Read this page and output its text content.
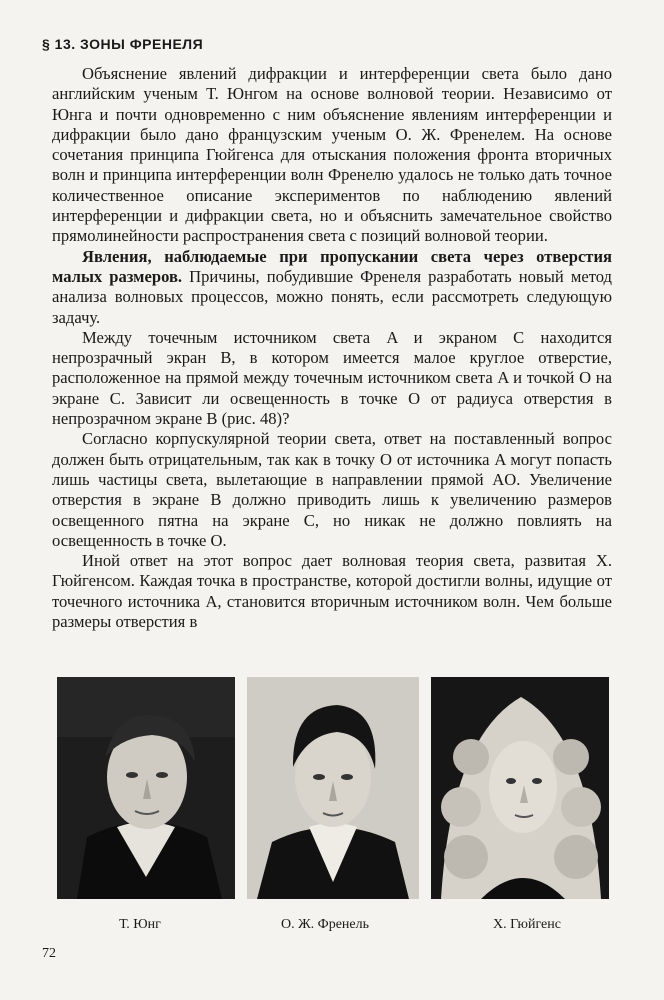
§ 13. ЗОНЫ ФРЕНЕЛЯ

Объяснение явлений дифракции и интерференции света было дано английским ученым Т. Юнгом на основе волновой теории. Независимо от Юнга и почти одновременно с ним объяснение явлениям интерференции и дифракции было дано французским ученым О. Ж. Френелем. На основе сочетания принципа Гюйгенса для отыскания положения фронта вторичных волн и принципа интерференции волн Френелю удалось не только дать точное количественное описание экспериментов по наблюдению явлений интерференции и дифракции света, но и объяснить замечательное свойство прямолинейности распространения света с позиций волновой теории.

Явления, наблюдаемые при пропускании света через отверстия малых размеров. Причины, побудившие Френеля разработать новый метод анализа волновых процессов, можно понять, если рассмотреть следующую задачу.

Между точечным источником света A и экраном C находится непрозрачный экран B, в котором имеется малое круглое отверстие, расположенное на прямой между точечным источником света A и точкой O на экране C. Зависит ли освещенность в точке O от радиуса отверстия в непрозрачном экране B (рис. 48)?

Согласно корпускулярной теории света, ответ на поставленный вопрос должен быть отрицательным, так как в точку O от источника A могут попасть лишь частицы света, вылетающие в направлении прямой AO. Увеличение отверстия в экране B должно приводить лишь к увеличению размеров освещенного пятна на экране C, но никак не должно повлиять на освещенность в точке O.

Иной ответ на этот вопрос дает волновая теория света, развитая Х. Гюйгенсом. Каждая точка в пространстве, которой достигли волны, идущие от точечного источника A, становится вторичным источником волн. Чем больше размеры отверстия в

Т. Юнг	О. Ж. Френель	Х. Гюйгенс
72
